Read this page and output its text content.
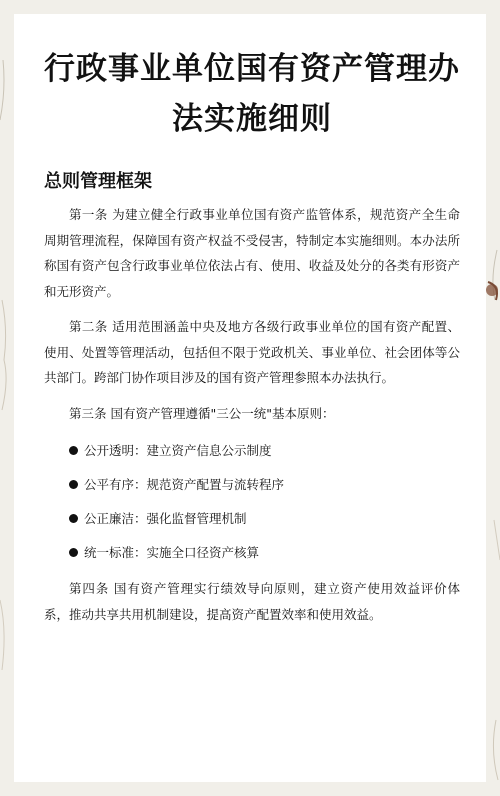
行政事业单位国有资产管理办法实施细则
总则管理框架

第一条 为建立健全行政事业单位国有资产监管体系，规范资产全生命周期管理流程，保障国有资产权益不受侵害，特制定本实施细则。本办法所称国有资产包含行政事业单位依法占有、使用、收益及处分的各类有形资产和无形资产。

第二条 适用范围涵盖中央及地方各级行政事业单位的国有资产配置、使用、处置等管理活动，包括但不限于党政机关、事业单位、社会团体等公共部门。跨部门协作项目涉及的国有资产管理参照本办法执行。

第三条 国有资产管理遵循"三公一统"基本原则：

公开透明：建立资产信息公示制度
公平有序：规范资产配置与流转程序
公正廉洁：强化监督管理机制
统一标准：实施全口径资产核算

第四条 国有资产管理实行绩效导向原则，建立资产使用效益评价体系，推动共享共用机制建设，提高资产配置效率和使用效益。
